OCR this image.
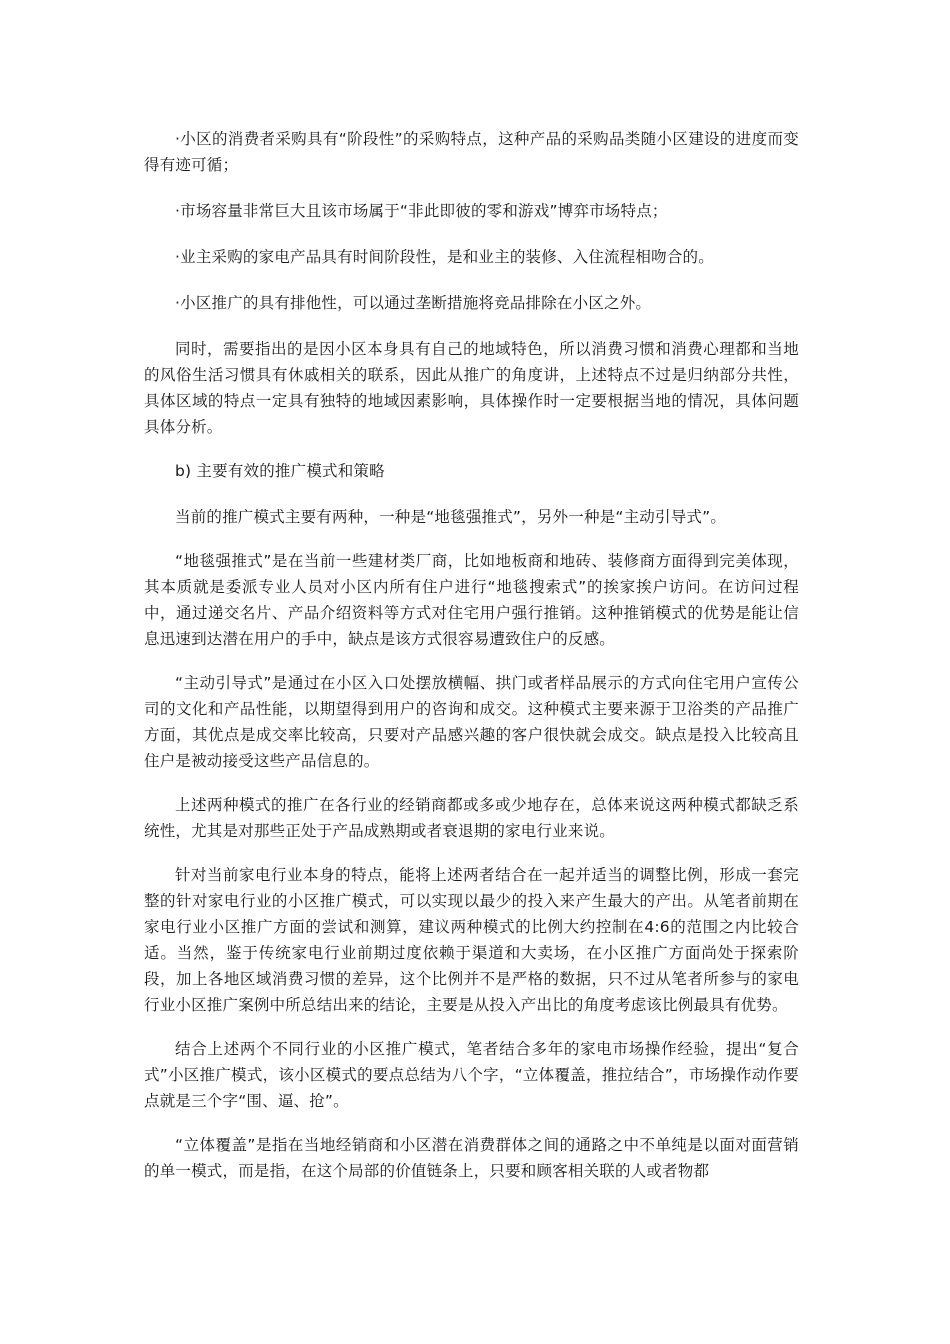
·小区的消费者采购具有“阶段性”的采购特点，这种产品的采购品类随小区建设的进度而变得有迹可循；

·市场容量非常巨大且该市场属于“非此即彼的零和游戏”博弈市场特点；

·业主采购的家电产品具有时间阶段性，是和业主的装修、入住流程相吻合的。

·小区推广的具有排他性，可以通过垄断措施将竞品排除在小区之外。

同时，需要指出的是因小区本身具有自己的地域特色，所以消费习惯和消费心理都和当地的风俗生活习惯具有休戚相关的联系，因此从推广的角度讲，上述特点不过是归纳部分共性，具体区域的特点一定具有独特的地域因素影响，具体操作时一定要根据当地的情况，具体问题具体分析。

b) 主要有效的推广模式和策略

当前的推广模式主要有两种，一种是“地毯强推式”，另外一种是“主动引导式”。

“地毯强推式”是在当前一些建材类厂商，比如地板商和地砖、装修商方面得到完美体现，其本质就是委派专业人员对小区内所有住户进行“地毯搜索式”的挨家挨户访问。在访问过程中，通过递交名片、产品介绍资料等方式对住宅用户强行推销。这种推销模式的优势是能让信息迅速到达潜在用户的手中，缺点是该方式很容易遭致住户的反感。

“主动引导式”是通过在小区入口处摆放横幅、拱门或者样品展示的方式向住宅用户宣传公司的文化和产品性能，以期望得到用户的咨询和成交。这种模式主要来源于卫浴类的产品推广方面，其优点是成交率比较高，只要对产品感兴趣的客户很快就会成交。缺点是投入比较高且住户是被动接受这些产品信息的。

上述两种模式的推广在各行业的经销商都或多或少地存在，总体来说这两种模式都缺乏系统性，尤其是对那些正处于产品成熟期或者衰退期的家电行业来说。

针对当前家电行业本身的特点，能将上述两者结合在一起并适当的调整比例，形成一套完整的针对家电行业的小区推广模式，可以实现以最少的投入来产生最大的产出。从笔者前期在家电行业小区推广方面的尝试和测算，建议两种模式的比例大约控制在4:6的范围之内比较合适。当然，鉴于传统家电行业前期过度依赖于渠道和大卖场，在小区推广方面尚处于探索阶段，加上各地区域消费习惯的差异，这个比例并不是严格的数据，只不过从笔者所参与的家电行业小区推广案例中所总结出来的结论，主要是从投入产出比的角度考虑该比例最具有优势。

结合上述两个不同行业的小区推广模式，笔者结合多年的家电市场操作经验，提出“复合式”小区推广模式，该小区模式的要点总结为八个字，“立体覆盖，推拉结合”，市场操作动作要点就是三个字“围、逼、抢”。

“立体覆盖”是指在当地经销商和小区潜在消费群体之间的通路之中不单纯是以面对面营销的单一模式，而是指，在这个局部的价值链条上，只要和顾客相关联的人或者物都
